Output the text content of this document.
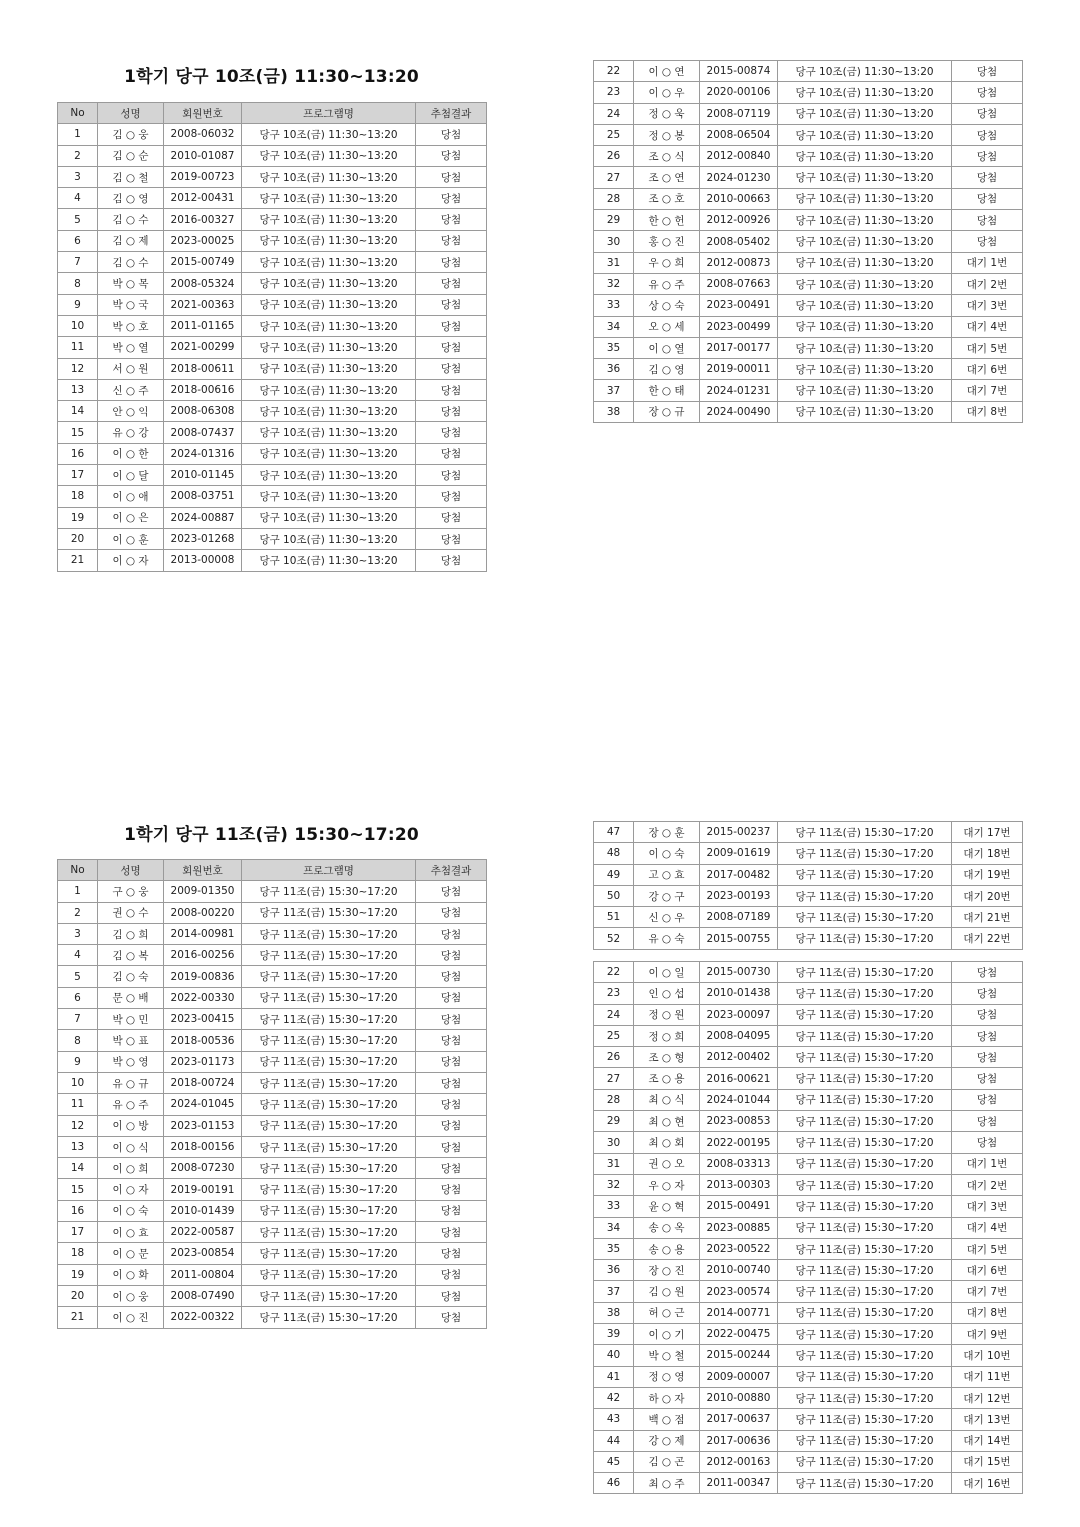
1학기 당구 10조(금) 11:30~13:20
No	성명	회원번호	프로그램명	추첨결과
1	김 ○ 웅	2008-06032	당구 10조(금) 11:30~13:20	당첨
2	김 ○ 순	2010-01087	당구 10조(금) 11:30~13:20	당첨
3	김 ○ 철	2019-00723	당구 10조(금) 11:30~13:20	당첨
4	김 ○ 영	2012-00431	당구 10조(금) 11:30~13:20	당첨
5	김 ○ 수	2016-00327	당구 10조(금) 11:30~13:20	당첨
6	김 ○ 제	2023-00025	당구 10조(금) 11:30~13:20	당첨
7	김 ○ 수	2015-00749	당구 10조(금) 11:30~13:20	당첨
8	박 ○ 목	2008-05324	당구 10조(금) 11:30~13:20	당첨
9	박 ○ 국	2021-00363	당구 10조(금) 11:30~13:20	당첨
10	박 ○ 호	2011-01165	당구 10조(금) 11:30~13:20	당첨
11	박 ○ 열	2021-00299	당구 10조(금) 11:30~13:20	당첨
12	서 ○ 원	2018-00611	당구 10조(금) 11:30~13:20	당첨
13	신 ○ 주	2018-00616	당구 10조(금) 11:30~13:20	당첨
14	안 ○ 익	2008-06308	당구 10조(금) 11:30~13:20	당첨
15	유 ○ 강	2008-07437	당구 10조(금) 11:30~13:20	당첨
16	이 ○ 한	2024-01316	당구 10조(금) 11:30~13:20	당첨
17	이 ○ 달	2010-01145	당구 10조(금) 11:30~13:20	당첨
18	이 ○ 애	2008-03751	당구 10조(금) 11:30~13:20	당첨
19	이 ○ 은	2024-00887	당구 10조(금) 11:30~13:20	당첨
20	이 ○ 훈	2023-01268	당구 10조(금) 11:30~13:20	당첨
21	이 ○ 자	2013-00008	당구 10조(금) 11:30~13:20	당첨
22	이 ○ 연	2015-00874	당구 10조(금) 11:30~13:20	당첨
23	이 ○ 우	2020-00106	당구 10조(금) 11:30~13:20	당첨
24	정 ○ 욱	2008-07119	당구 10조(금) 11:30~13:20	당첨
25	정 ○ 봉	2008-06504	당구 10조(금) 11:30~13:20	당첨
26	조 ○ 식	2012-00840	당구 10조(금) 11:30~13:20	당첨
27	조 ○ 연	2024-01230	당구 10조(금) 11:30~13:20	당첨
28	조 ○ 호	2010-00663	당구 10조(금) 11:30~13:20	당첨
29	한 ○ 헌	2012-00926	당구 10조(금) 11:30~13:20	당첨
30	홍 ○ 진	2008-05402	당구 10조(금) 11:30~13:20	당첨
31	우 ○ 희	2012-00873	당구 10조(금) 11:30~13:20	대기 1번
32	유 ○ 주	2008-07663	당구 10조(금) 11:30~13:20	대기 2번
33	상 ○ 숙	2023-00491	당구 10조(금) 11:30~13:20	대기 3번
34	오 ○ 세	2023-00499	당구 10조(금) 11:30~13:20	대기 4번
35	이 ○ 열	2017-00177	당구 10조(금) 11:30~13:20	대기 5번
36	김 ○ 영	2019-00011	당구 10조(금) 11:30~13:20	대기 6번
37	한 ○ 태	2024-01231	당구 10조(금) 11:30~13:20	대기 7번
38	장 ○ 규	2024-00490	당구 10조(금) 11:30~13:20	대기 8번
1학기 당구 11조(금) 15:30~17:20
No	성명	회원번호	프로그램명	추첨결과
1	구 ○ 웅	2009-01350	당구 11조(금) 15:30~17:20	당첨
2	권 ○ 수	2008-00220	당구 11조(금) 15:30~17:20	당첨
3	김 ○ 희	2014-00981	당구 11조(금) 15:30~17:20	당첨
4	김 ○ 복	2016-00256	당구 11조(금) 15:30~17:20	당첨
5	김 ○ 숙	2019-00836	당구 11조(금) 15:30~17:20	당첨
6	문 ○ 배	2022-00330	당구 11조(금) 15:30~17:20	당첨
7	박 ○ 민	2023-00415	당구 11조(금) 15:30~17:20	당첨
8	박 ○ 표	2018-00536	당구 11조(금) 15:30~17:20	당첨
9	박 ○ 영	2023-01173	당구 11조(금) 15:30~17:20	당첨
10	유 ○ 규	2018-00724	당구 11조(금) 15:30~17:20	당첨
11	유 ○ 주	2024-01045	당구 11조(금) 15:30~17:20	당첨
12	이 ○ 방	2023-01153	당구 11조(금) 15:30~17:20	당첨
13	이 ○ 식	2018-00156	당구 11조(금) 15:30~17:20	당첨
14	이 ○ 희	2008-07230	당구 11조(금) 15:30~17:20	당첨
15	이 ○ 자	2019-00191	당구 11조(금) 15:30~17:20	당첨
16	이 ○ 숙	2010-01439	당구 11조(금) 15:30~17:20	당첨
17	이 ○ 효	2022-00587	당구 11조(금) 15:30~17:20	당첨
18	이 ○ 문	2023-00854	당구 11조(금) 15:30~17:20	당첨
19	이 ○ 화	2011-00804	당구 11조(금) 15:30~17:20	당첨
20	이 ○ 웅	2008-07490	당구 11조(금) 15:30~17:20	당첨
21	이 ○ 진	2022-00322	당구 11조(금) 15:30~17:20	당첨
47	장 ○ 훈	2015-00237	당구 11조(금) 15:30~17:20	대기 17번
48	이 ○ 숙	2009-01619	당구 11조(금) 15:30~17:20	대기 18번
49	고 ○ 효	2017-00482	당구 11조(금) 15:30~17:20	대기 19번
50	강 ○ 구	2023-00193	당구 11조(금) 15:30~17:20	대기 20번
51	신 ○ 우	2008-07189	당구 11조(금) 15:30~17:20	대기 21번
52	유 ○ 숙	2015-00755	당구 11조(금) 15:30~17:20	대기 22번
22	이 ○ 일	2015-00730	당구 11조(금) 15:30~17:20	당첨
23	인 ○ 섭	2010-01438	당구 11조(금) 15:30~17:20	당첨
24	정 ○ 원	2023-00097	당구 11조(금) 15:30~17:20	당첨
25	정 ○ 희	2008-04095	당구 11조(금) 15:30~17:20	당첨
26	조 ○ 형	2012-00402	당구 11조(금) 15:30~17:20	당첨
27	조 ○ 용	2016-00621	당구 11조(금) 15:30~17:20	당첨
28	최 ○ 식	2024-01044	당구 11조(금) 15:30~17:20	당첨
29	최 ○ 현	2023-00853	당구 11조(금) 15:30~17:20	당첨
30	최 ○ 회	2022-00195	당구 11조(금) 15:30~17:20	당첨
31	권 ○ 오	2008-03313	당구 11조(금) 15:30~17:20	대기 1번
32	우 ○ 자	2013-00303	당구 11조(금) 15:30~17:20	대기 2번
33	윤 ○ 혁	2015-00491	당구 11조(금) 15:30~17:20	대기 3번
34	송 ○ 옥	2023-00885	당구 11조(금) 15:30~17:20	대기 4번
35	송 ○ 용	2023-00522	당구 11조(금) 15:30~17:20	대기 5번
36	장 ○ 진	2010-00740	당구 11조(금) 15:30~17:20	대기 6번
37	김 ○ 원	2023-00574	당구 11조(금) 15:30~17:20	대기 7번
38	허 ○ 근	2014-00771	당구 11조(금) 15:30~17:20	대기 8번
39	이 ○ 기	2022-00475	당구 11조(금) 15:30~17:20	대기 9번
40	박 ○ 철	2015-00244	당구 11조(금) 15:30~17:20	대기 10번
41	정 ○ 영	2009-00007	당구 11조(금) 15:30~17:20	대기 11번
42	하 ○ 자	2010-00880	당구 11조(금) 15:30~17:20	대기 12번
43	백 ○ 점	2017-00637	당구 11조(금) 15:30~17:20	대기 13번
44	강 ○ 제	2017-00636	당구 11조(금) 15:30~17:20	대기 14번
45	김 ○ 곤	2012-00163	당구 11조(금) 15:30~17:20	대기 15번
46	최 ○ 주	2011-00347	당구 11조(금) 15:30~17:20	대기 16번
